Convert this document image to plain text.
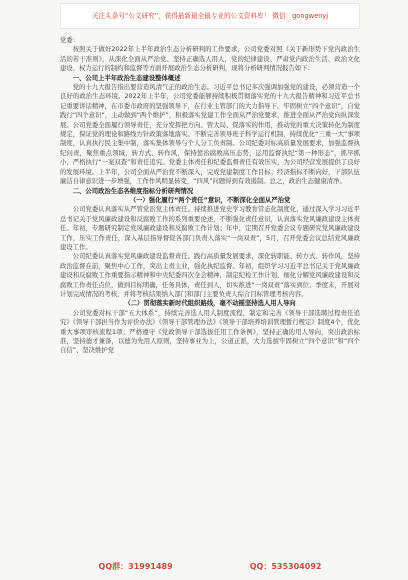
关注头条号“公文研究”，获得最新最全最专业的公文资料库！ 微信：gongwenyj

党委：

按照关于做好2022年上半年政治生态分析研判的工作要求，公司党委对照《关于新形势下党内政治生活的若干准则》，从深化全面从严治党、坚持正确选人用人，党的纪律建设、严肃党内政治生活、政治文化建设、权力运行的制约和监督等方面开展政治生态分析研判，现将分析研判情况报告如下：

一、公司上半年政治生态建设整体概述

党的十九大报告指出要营造风清气正的政治生态。习近平总书记多次强调加强党的建设，必须营造一个良好的政治生态环境。2022年上半年，公司党委能够持续积极贯彻落实党的十九大报告精神和习近平总书记重要讲话精神，在市委市政府的坚强领导下，在行业主管部门的大力指导下，牢固树立“四个意识”，自觉践行“四个意识”，主动做到“两个维护”，积极落实党建工作全面从严治党要求，推进全面从严治党向纵深发展。公司党委全面履行领导责任，充分发挥把方向、管大局、促落实的作用，推动党的重大决策转化为制度规定，保证党的理论和路线方针政策落地落实。不断完善领导班子科学运行机制，持续优化“三重一大”事项制度，认真执行民主集中制，落实集体领导与个人分工负责制。公司纪委对标高质量发展要求，加强监督执纪问责，聚焦重点领域，转方式、转作风，保持惩治腐败高压态势，运用监督执纪“第一种形态”，抓早抓小，严格执行“一案双查”和责任追究。党委主体责任和纪委监督责任有效压实，为公司经营发展提供了良好的发展环境。上半年，公司全面从严治党不断深入，完成党建制度工作目标；经济指标不断向好，干部队伍廉洁自律意识进一步增强，工作作风明显转变，“四风”问题得到有效遏制。总之，政治生态健康清净。

二、公司政治生态各维度指标分析研判情况

（一）强化履行“两个责任”意识，不断深化全面从严治党

公司党委认真落实从严管党治党主体责任。持续推进党史学习教育常态化制度化，通过深入学习习近平总书记关于党风廉政建设和反腐败工作的系列重要论述，不断强化责任意识，认真落实党风廉政建设主体责任。年初，专题研究制定党风廉政建设和反腐败工作计划；年中，定期召开党委会议专题研究党风廉政建设工作，压实工作责任，深入基层指导督促各部门负责人落实“一岗双责”，5月，召开党委会议总结党风廉政建设工作。

公司纪委认真落实党风廉政建设监督责任。践行高质量发展要求，深化转职能、转方式、转作风，坚持政治监督在前，聚焦中心工作，突出主责主业，强化执纪监督。年初，组织学习习近平总书记关于党风廉政建设和反腐败工作重要指示精神和中央纪委四次全会精神，制定纪检工作计划，细化分解党风廉政建设和反腐败工作责任点位，做到目标明确，任务具体，责任到人，切实推进“一岗双责”落实到位；季度末，开展对计划完成情况的考核，并将考核结果纳入部门和部门主要负责人综合目标管理考核内容。

（二）贯彻落实新时代组织路线，毫不动摇坚持选人用人导向

公司党委对标干部“五大体系”，持续完善选人用人制度流程，制定和完善《领导干部选聘过程责任追究》《领导干部担当作为评价办法》《领导干部管理办法》《领导干部培养培训管理暂行规定》制度4个，优化重大事项审核流程1项；严格遵守《党政领导干部选拔任用工作条例》，坚持正确的用人导向，突出政治标准，坚持德才兼备，以德为先用人原则，坚持事业为上，公道正派，大力选拔牢固树立“四个意识”和“四个自信”、坚决维护党

QQ群：31991489	QQ：535304092
